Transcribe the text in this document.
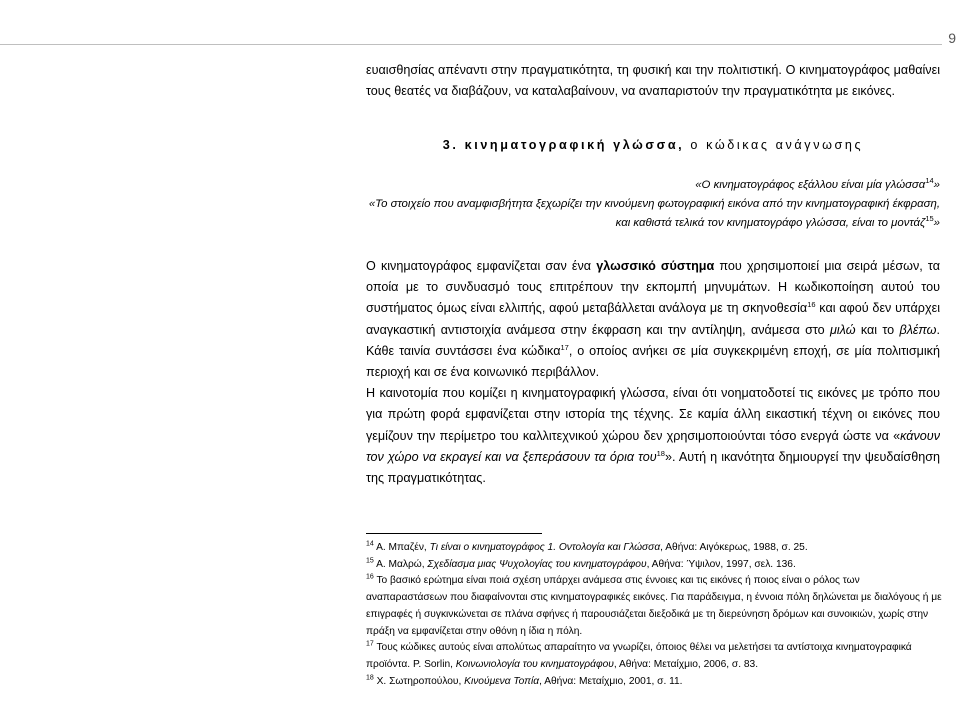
9

ευαισθησίας απέναντι στην πραγματικότητα, τη φυσική και την πολιτιστική. Ο κινηματογράφος μαθαίνει τους θεατές να διαβάζουν, να καταλαβαίνουν, να αναπαριστούν την πραγματικότητα με εικόνες.

3. κινηματογραφική γλώσσα, ο κώδικας ανάγνωσης

«Ο κινηματογράφος εξάλλου είναι μία γλώσσα$^{14}$»

«Το στοιχείο που αναμφισβήτητα ξεχωρίζει την κινούμενη φωτογραφική εικόνα από την κινηματογραφική έκφραση, και καθιστά τελικά τον κινηματογράφο γλώσσα, είναι το μοντάζ$^{15}$»

Ο κινηματογράφος εμφανίζεται σαν ένα γλωσσικό σύστημα που χρησιμοποιεί μια σειρά μέσων, τα οποία με το συνδυασμό τους επιτρέπουν την εκπομπή μηνυμάτων. Η κωδικοποίηση αυτού του συστήματος όμως είναι ελλιπής, αφού μεταβάλλεται ανάλογα με τη σκηνοθεσία$^{16}$ και αφού δεν υπάρχει αναγκαστική αντιστοιχία ανάμεσα στην έκφραση και την αντίληψη, ανάμεσα στο μιλώ και το βλέπω. Κάθε ταινία συντάσσει ένα κώδικα$^{17}$, ο οποίος ανήκει σε μία συγκεκριμένη εποχή, σε μία πολιτισμική περιοχή και σε ένα κοινωνικό περιβάλλον.

Η καινοτομία που κομίζει η κινηματογραφική γλώσσα, είναι ότι νοηματοδοτεί τις εικόνες με τρόπο που για πρώτη φορά εμφανίζεται στην ιστορία της τέχνης. Σε καμία άλλη εικαστική τέχνη οι εικόνες που γεμίζουν την περίμετρο του καλλιτεχνικού χώρου δεν χρησιμοποιούνται τόσο ενεργά ώστε να «κάνουν τον χώρο να εκραγεί και να ξεπεράσουν τα όρια του$^{18}$». Αυτή η ικανότητα δημιουργεί την ψευδαίσθηση της πραγματικότητας.

$^{14}$ Α. Μπαζέν, Τι είναι ο κινηματογράφος 1. Οντολογία και Γλώσσα, Αθήνα: Αιγόκερως, 1988, σ. 25.

$^{15}$ Α. Μαλρώ, Σχεδίασμα μιας Ψυχολογίας του κινηματογράφου, Αθήνα: Ύψιλον, 1997, σελ. 136.

$^{16}$ Το βασικό ερώτημα είναι ποιά σχέση υπάρχει ανάμεσα στις έννοιες και τις εικόνες ή ποιος είναι ο ρόλος των αναπαραστάσεων που διαφαίνονται στις κινηματογραφικές εικόνες. Για παράδειγμα, η έννοια πόλη δηλώνεται με διαλόγους ή με επιγραφές ή συγκινκώνεται σε πλάνα σφήνες ή παρουσιάζεται διεξοδικά με τη διερεύνηση δρόμων και συνοικιών, χωρίς στην πράξη να εμφανίζεται στην οθόνη η ίδια η πόλη.

$^{17}$ Τους κώδικες αυτούς είναι απολύτως απαραίτητο να γνωρίζει, όποιος θέλει να μελετήσει τα αντίστοιχα κινηματογραφικά προϊόντα. P. Sorlin, Κοινωνιολογία του κινηματογράφου, Αθήνα: Μεταίχμιο, 2006, σ. 83.

$^{18}$ Χ. Σωτηροπούλου, Κινούμενα Τοπία, Αθήνα: Μεταίχμιο, 2001, σ. 11.
